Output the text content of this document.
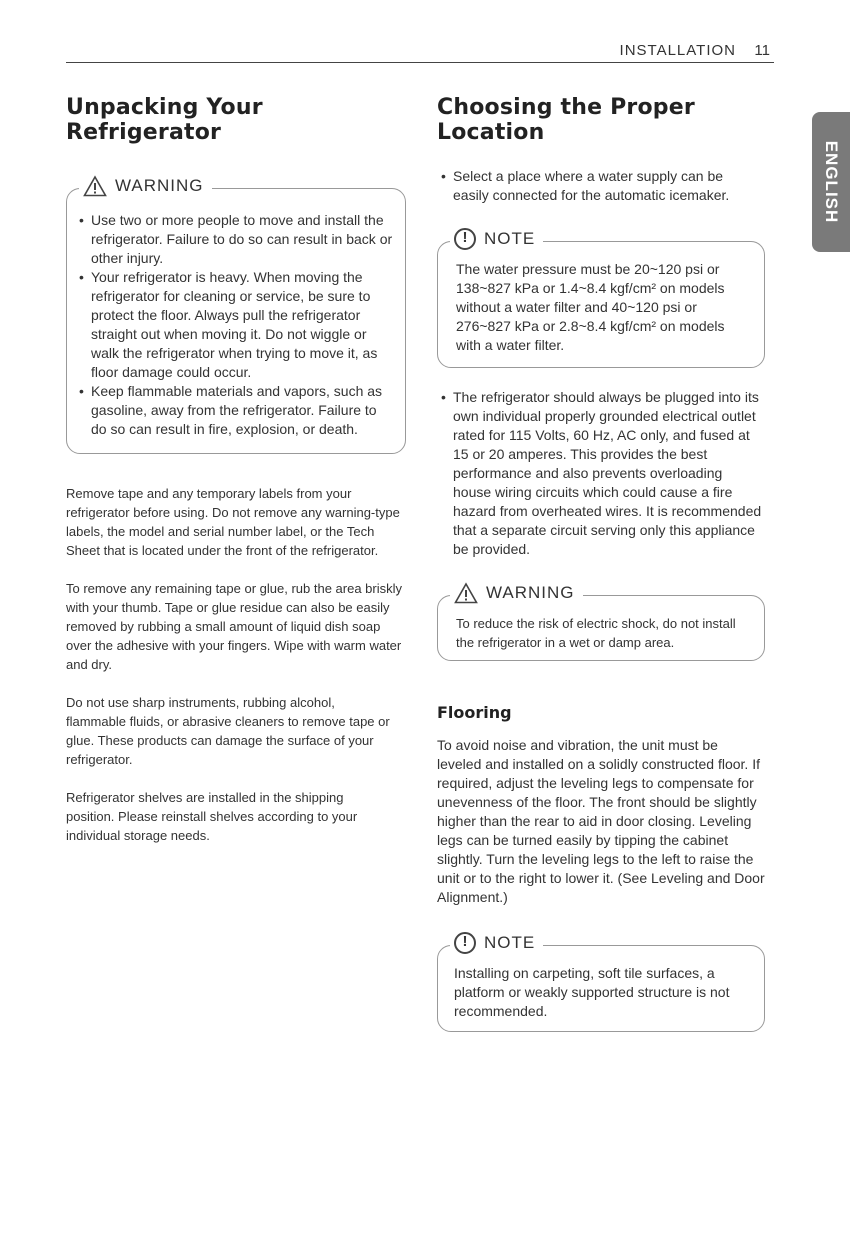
INSTALLATION 11
ENGLISH
Unpacking Your Refrigerator
WARNING
• Use two or more people to move and install the refrigerator. Failure to do so can result in back or other injury.
• Your refrigerator is heavy. When moving the refrigerator for cleaning or service, be sure to protect the floor. Always pull the refrigerator straight out when moving it. Do not wiggle or walk the refrigerator when trying to move it, as floor damage could occur.
• Keep flammable materials and vapors, such as gasoline, away from the refrigerator. Failure to do so can result in fire, explosion, or death.

Remove tape and any temporary labels from your refrigerator before using. Do not remove any warning-type labels, the model and serial number label, or the Tech Sheet that is located under the front of the refrigerator.

To remove any remaining tape or glue, rub the area briskly with your thumb. Tape or glue residue can also be easily removed by rubbing a small amount of liquid dish soap over the adhesive with your fingers. Wipe with warm water and dry.

Do not use sharp instruments, rubbing alcohol, flammable fluids, or abrasive cleaners to remove tape or glue. These products can damage the surface of your refrigerator.

Refrigerator shelves are installed in the shipping position. Please reinstall shelves according to your individual storage needs.

Choosing the Proper Location
• Select a place where a water supply can be easily connected for the automatic icemaker.
!
NOTE
The water pressure must be 20~120 psi or 138~827 kPa or 1.4~8.4 kgf/cm² on models without a water filter and 40~120 psi or 276~827 kPa or 2.8~8.4 kgf/cm² on models with a water filter.
• The refrigerator should always be plugged into its own individual properly grounded electrical outlet rated for 115 Volts, 60 Hz, AC only, and fused at 15 or 20 amperes. This provides the best performance and also prevents overloading house wiring circuits which could cause a fire hazard from overheated wires. It is recommended that a separate circuit serving only this appliance be provided.
WARNING
To reduce the risk of electric shock, do not install the refrigerator in a wet or damp area.
Flooring
To avoid noise and vibration, the unit must be leveled and installed on a solidly constructed floor. If required, adjust the leveling legs to compensate for unevenness of the floor. The front should be slightly higher than the rear to aid in door closing. Leveling legs can be turned easily by tipping the cabinet slightly. Turn the leveling legs to the left to raise the unit or to the right to lower it. (See Leveling and Door Alignment.)
!
NOTE
Installing on carpeting, soft tile surfaces, a platform or weakly supported structure is not recommended.
